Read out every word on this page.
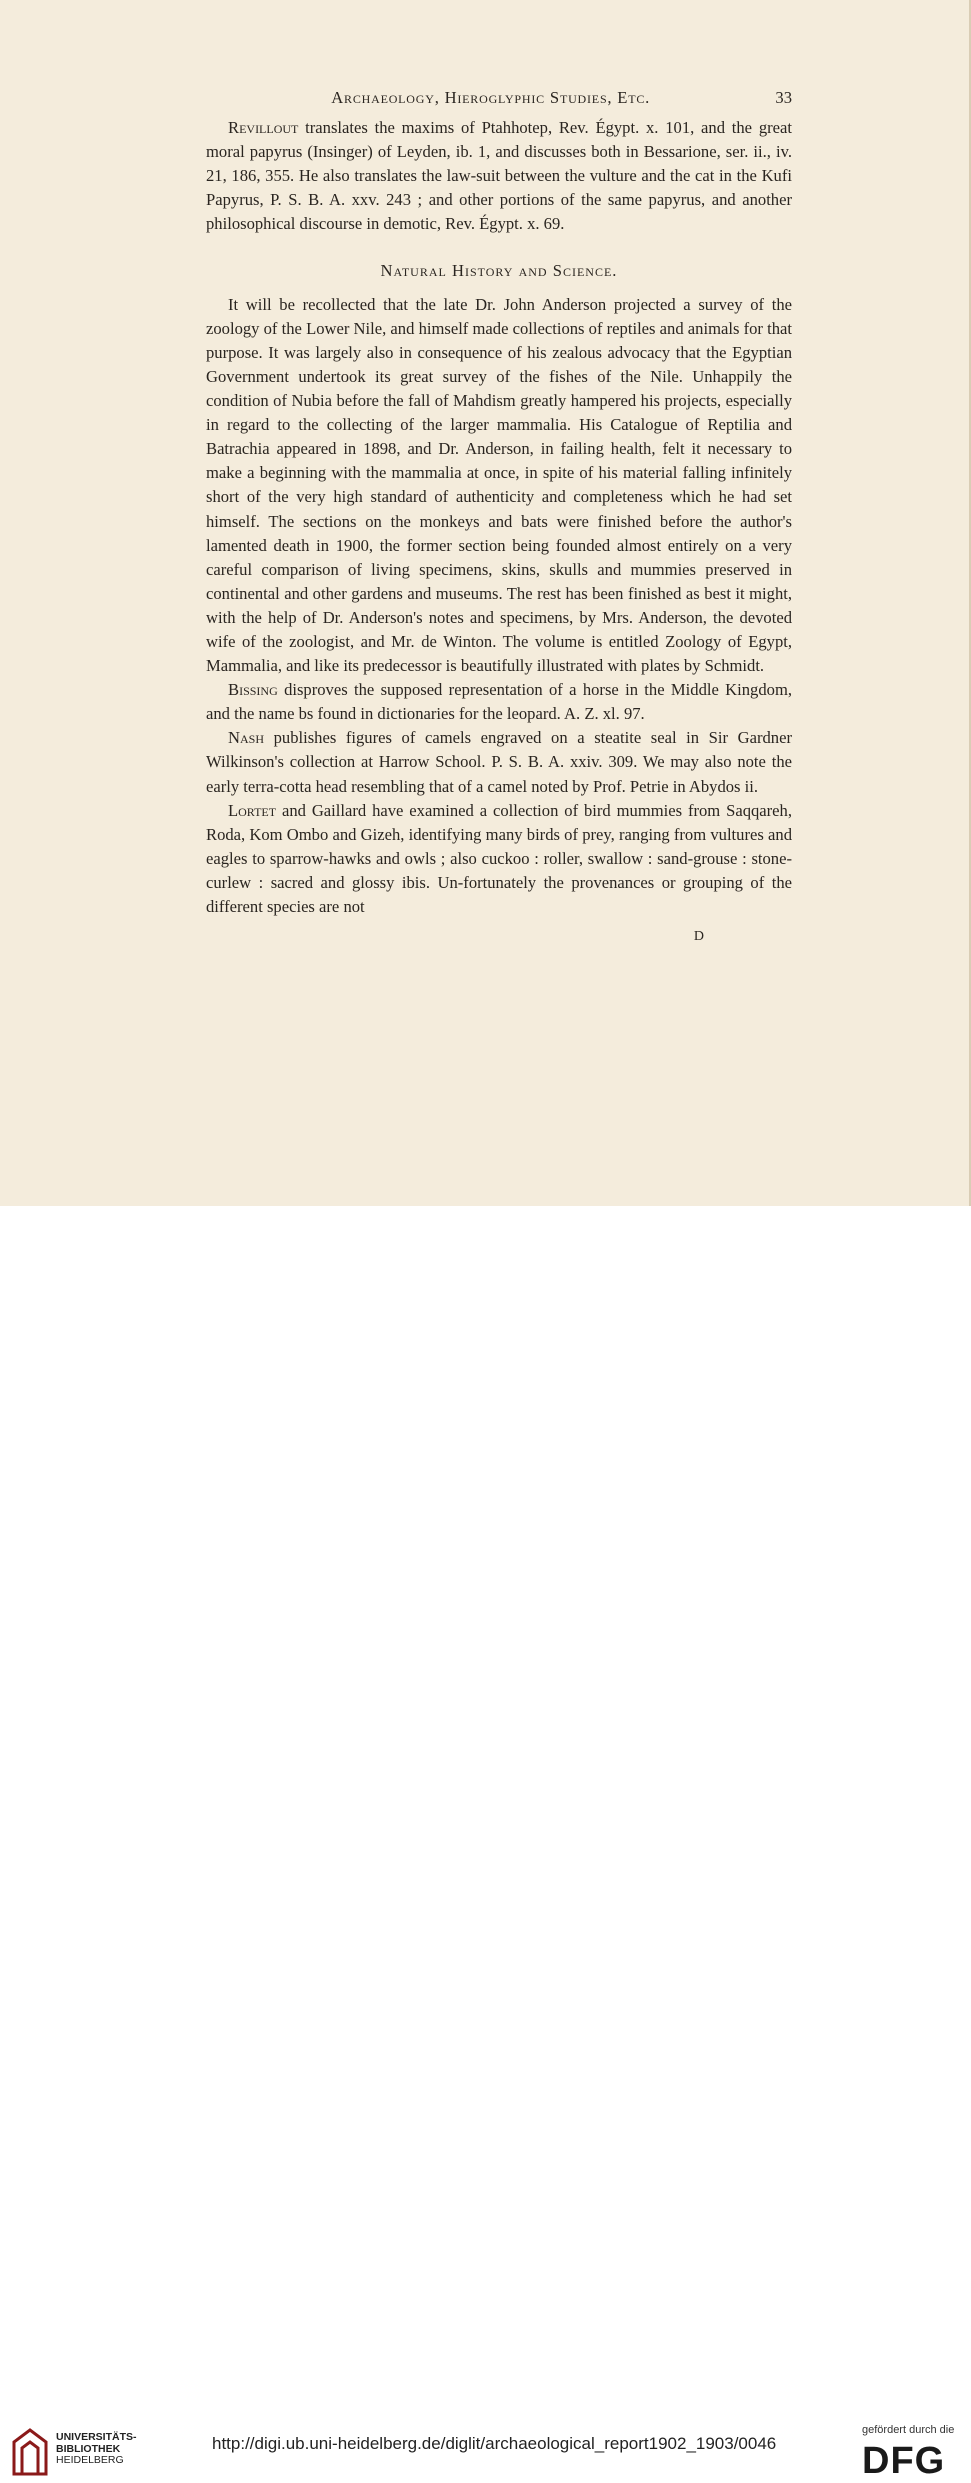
Archaeology, Hieroglyphic Studies, Etc.	33

Revillout translates the maxims of Ptahhotep, Rev. Égypt. x. 101, and the great moral papyrus (Insinger) of Leyden, ib. 1, and discusses both in Bessarione, ser. ii., iv. 21, 186, 355. He also translates the law-suit between the vulture and the cat in the Kufi Papyrus, P. S. B. A. xxv. 243 ; and other portions of the same papyrus, and another philosophical discourse in demotic, Rev. Égypt. x. 69.

Natural History and Science.

It will be recollected that the late Dr. John Anderson projected a survey of the zoology of the Lower Nile, and himself made collections of reptiles and animals for that purpose. It was largely also in consequence of his zealous advocacy that the Egyptian Government undertook its great survey of the fishes of the Nile. Unhappily the condition of Nubia before the fall of Mahdism greatly hampered his projects, especially in regard to the collecting of the larger mammalia. His Catalogue of Reptilia and Batrachia appeared in 1898, and Dr. Anderson, in failing health, felt it necessary to make a beginning with the mammalia at once, in spite of his material falling infinitely short of the very high standard of authenticity and completeness which he had set himself. The sections on the monkeys and bats were finished before the author's lamented death in 1900, the former section being founded almost entirely on a very careful comparison of living specimens, skins, skulls and mummies preserved in continental and other gardens and museums. The rest has been finished as best it might, with the help of Dr. Anderson's notes and specimens, by Mrs. Anderson, the devoted wife of the zoologist, and Mr. de Winton. The volume is entitled Zoology of Egypt, Mammalia, and like its predecessor is beautifully illustrated with plates by Schmidt.

Bissing disproves the supposed representation of a horse in the Middle Kingdom, and the name bs found in dictionaries for the leopard. A. Z. xl. 97.

Nash publishes figures of camels engraved on a steatite seal in Sir Gardner Wilkinson's collection at Harrow School. P. S. B. A. xxiv. 309. We may also note the early terra-cotta head resembling that of a camel noted by Prof. Petrie in Abydos ii.

Lortet and Gaillard have examined a collection of bird mummies from Saqqareh, Roda, Kom Ombo and Gizeh, identifying many birds of prey, ranging from vultures and eagles to sparrow-hawks and owls ; also cuckoo : roller, swallow : sand-grouse : stone-curlew : sacred and glossy ibis. Un-fortunately the provenances or grouping of the different species are not

D
UNIVERSITÄTS-
BIBLIOTHEK
HEIDELBERG
http://digi.ub.uni-heidelberg.de/diglit/archaeological_report1902_1903/0046
gefördert durch die
DFG
